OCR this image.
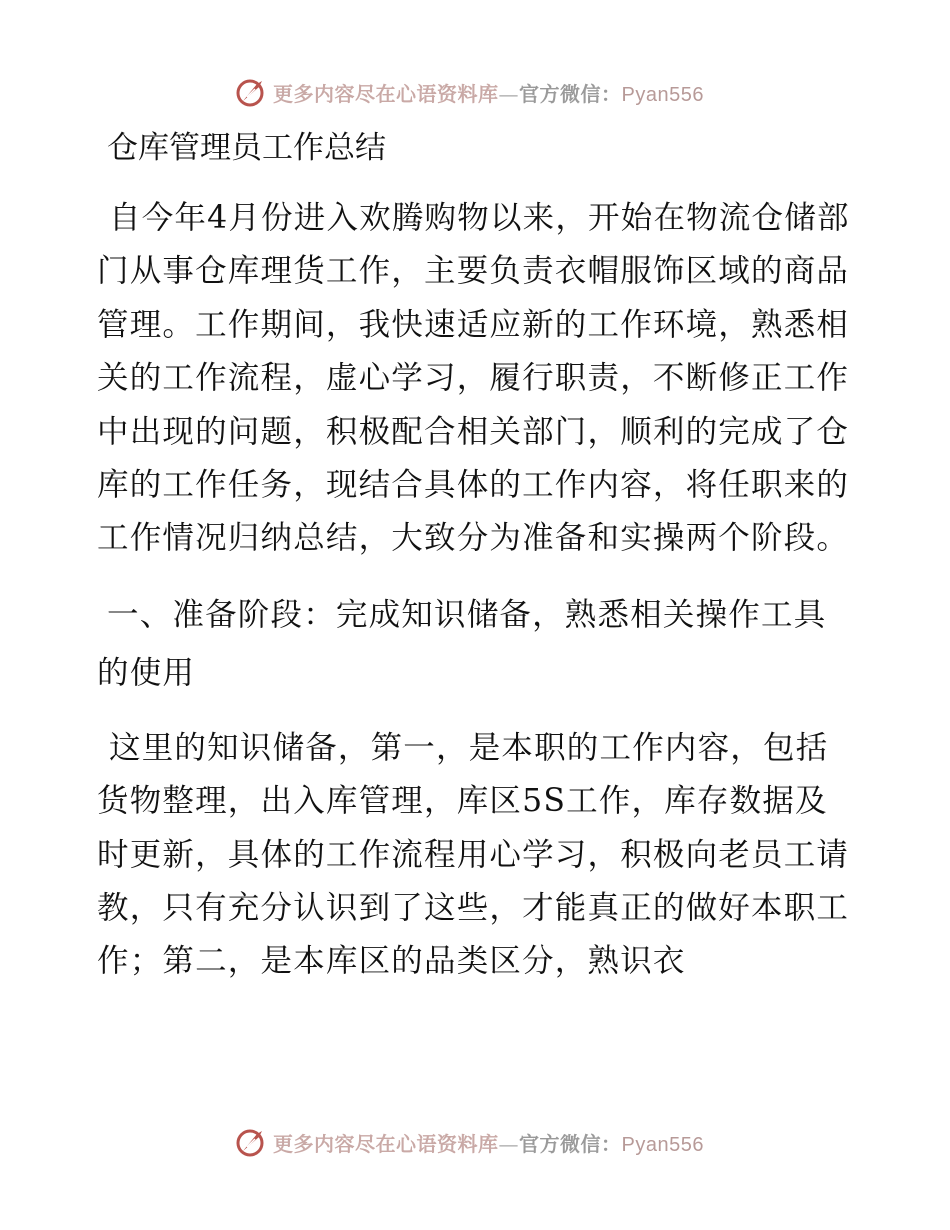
更多内容尽在心语资料库—官方微信：Pyan556
仓库管理员工作总结

自今年4月份进入欢腾购物以来，开始在物流仓储部门从事仓库理货工作，主要负责衣帽服饰区域的商品管理。工作期间，我快速适应新的工作环境，熟悉相关的工作流程，虚心学习，履行职责，不断修正工作中出现的问题，积极配合相关部门，顺利的完成了仓库的工作任务，现结合具体的工作内容，将任职来的工作情况归纳总结，大致分为准备和实操两个阶段。

一、准备阶段：完成知识储备，熟悉相关操作工具的使用

这里的知识储备，第一，是本职的工作内容，包括货物整理，出入库管理，库区5S工作，库存数据及时更新，具体的工作流程用心学习，积极向老员工请教，只有充分认识到了这些，才能真正的做好本职工作；第二，是本库区的品类区分，熟识衣

更多内容尽在心语资料库—官方微信：Pyan556
